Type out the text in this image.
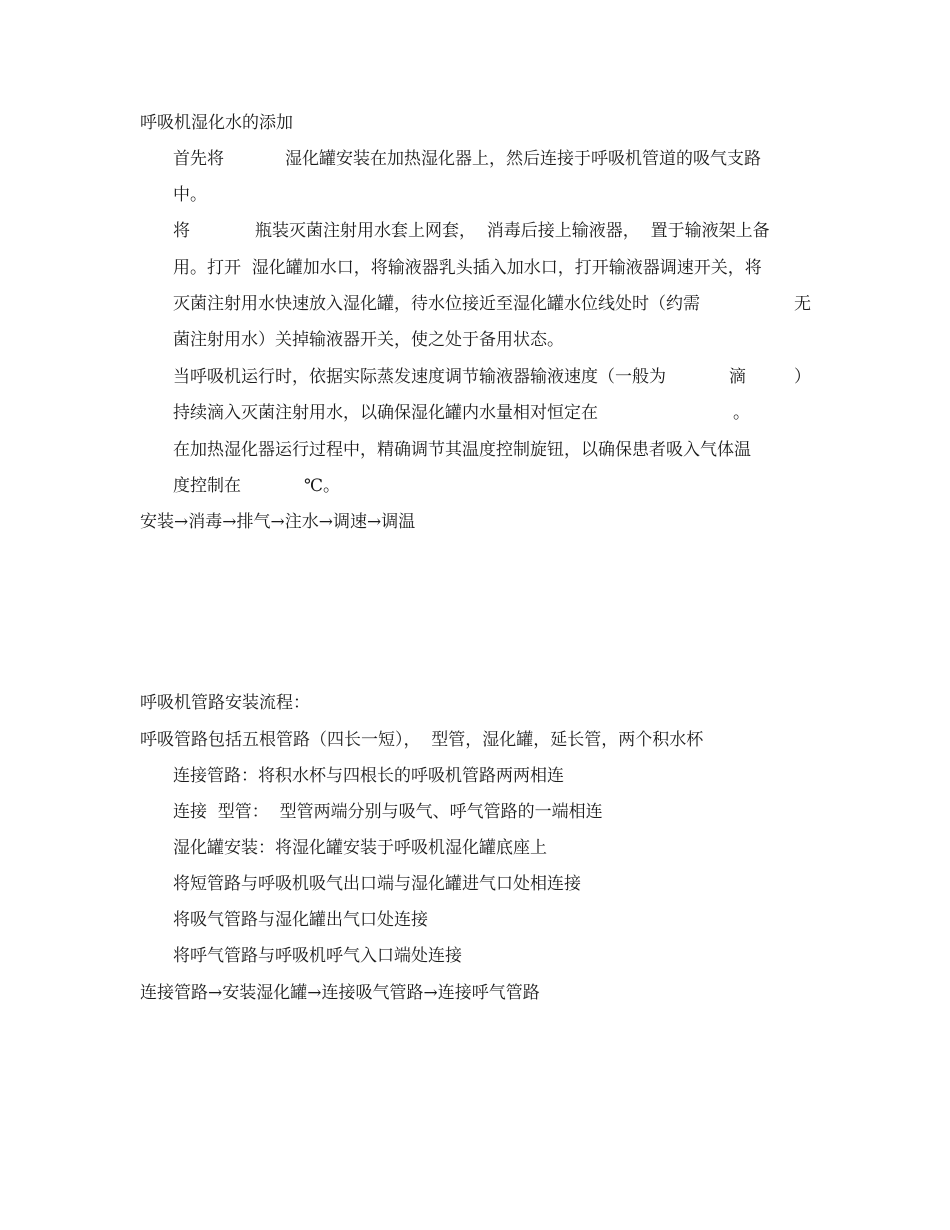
呼吸机湿化水的添加
首先将	湿化罐安装在加热湿化器上，然后连接于呼吸机管道的吸气支路
中。
将	瓶装灭菌注射用水套上网套，  消毒后接上输液器，  置于输液架上备
用。打开  湿化罐加水口，将输液器乳头插入加水口，打开输液器调速开关，将
灭菌注射用水快速放入湿化罐，待水位接近至湿化罐水位线处时（约需	无
菌注射用水）关掉输液器开关，使之处于备用状态。
当呼吸机运行时，依据实际蒸发速度调节输液器输液速度（一般为	滴	）
持续滴入灭菌注射用水，以确保湿化罐内水量相对恒定在	。
在加热湿化器运行过程中，精确调节其温度控制旋钮，以确保患者吸入气体温
度控制在	℃。
安装→消毒→排气→注水→调速→调温
呼吸机管路安装流程：
呼吸管路包括五根管路（四长一短），  型管，湿化罐，延长管，两个积水杯
连接管路：将积水杯与四根长的呼吸机管路两两相连
连接  型管：  型管两端分别与吸气、呼气管路的一端相连
湿化罐安装：将湿化罐安装于呼吸机湿化罐底座上
将短管路与呼吸机吸气出口端与湿化罐进气口处相连接
将吸气管路与湿化罐出气口处连接
将呼气管路与呼吸机呼气入口端处连接
连接管路→安装湿化罐→连接吸气管路→连接呼气管路
